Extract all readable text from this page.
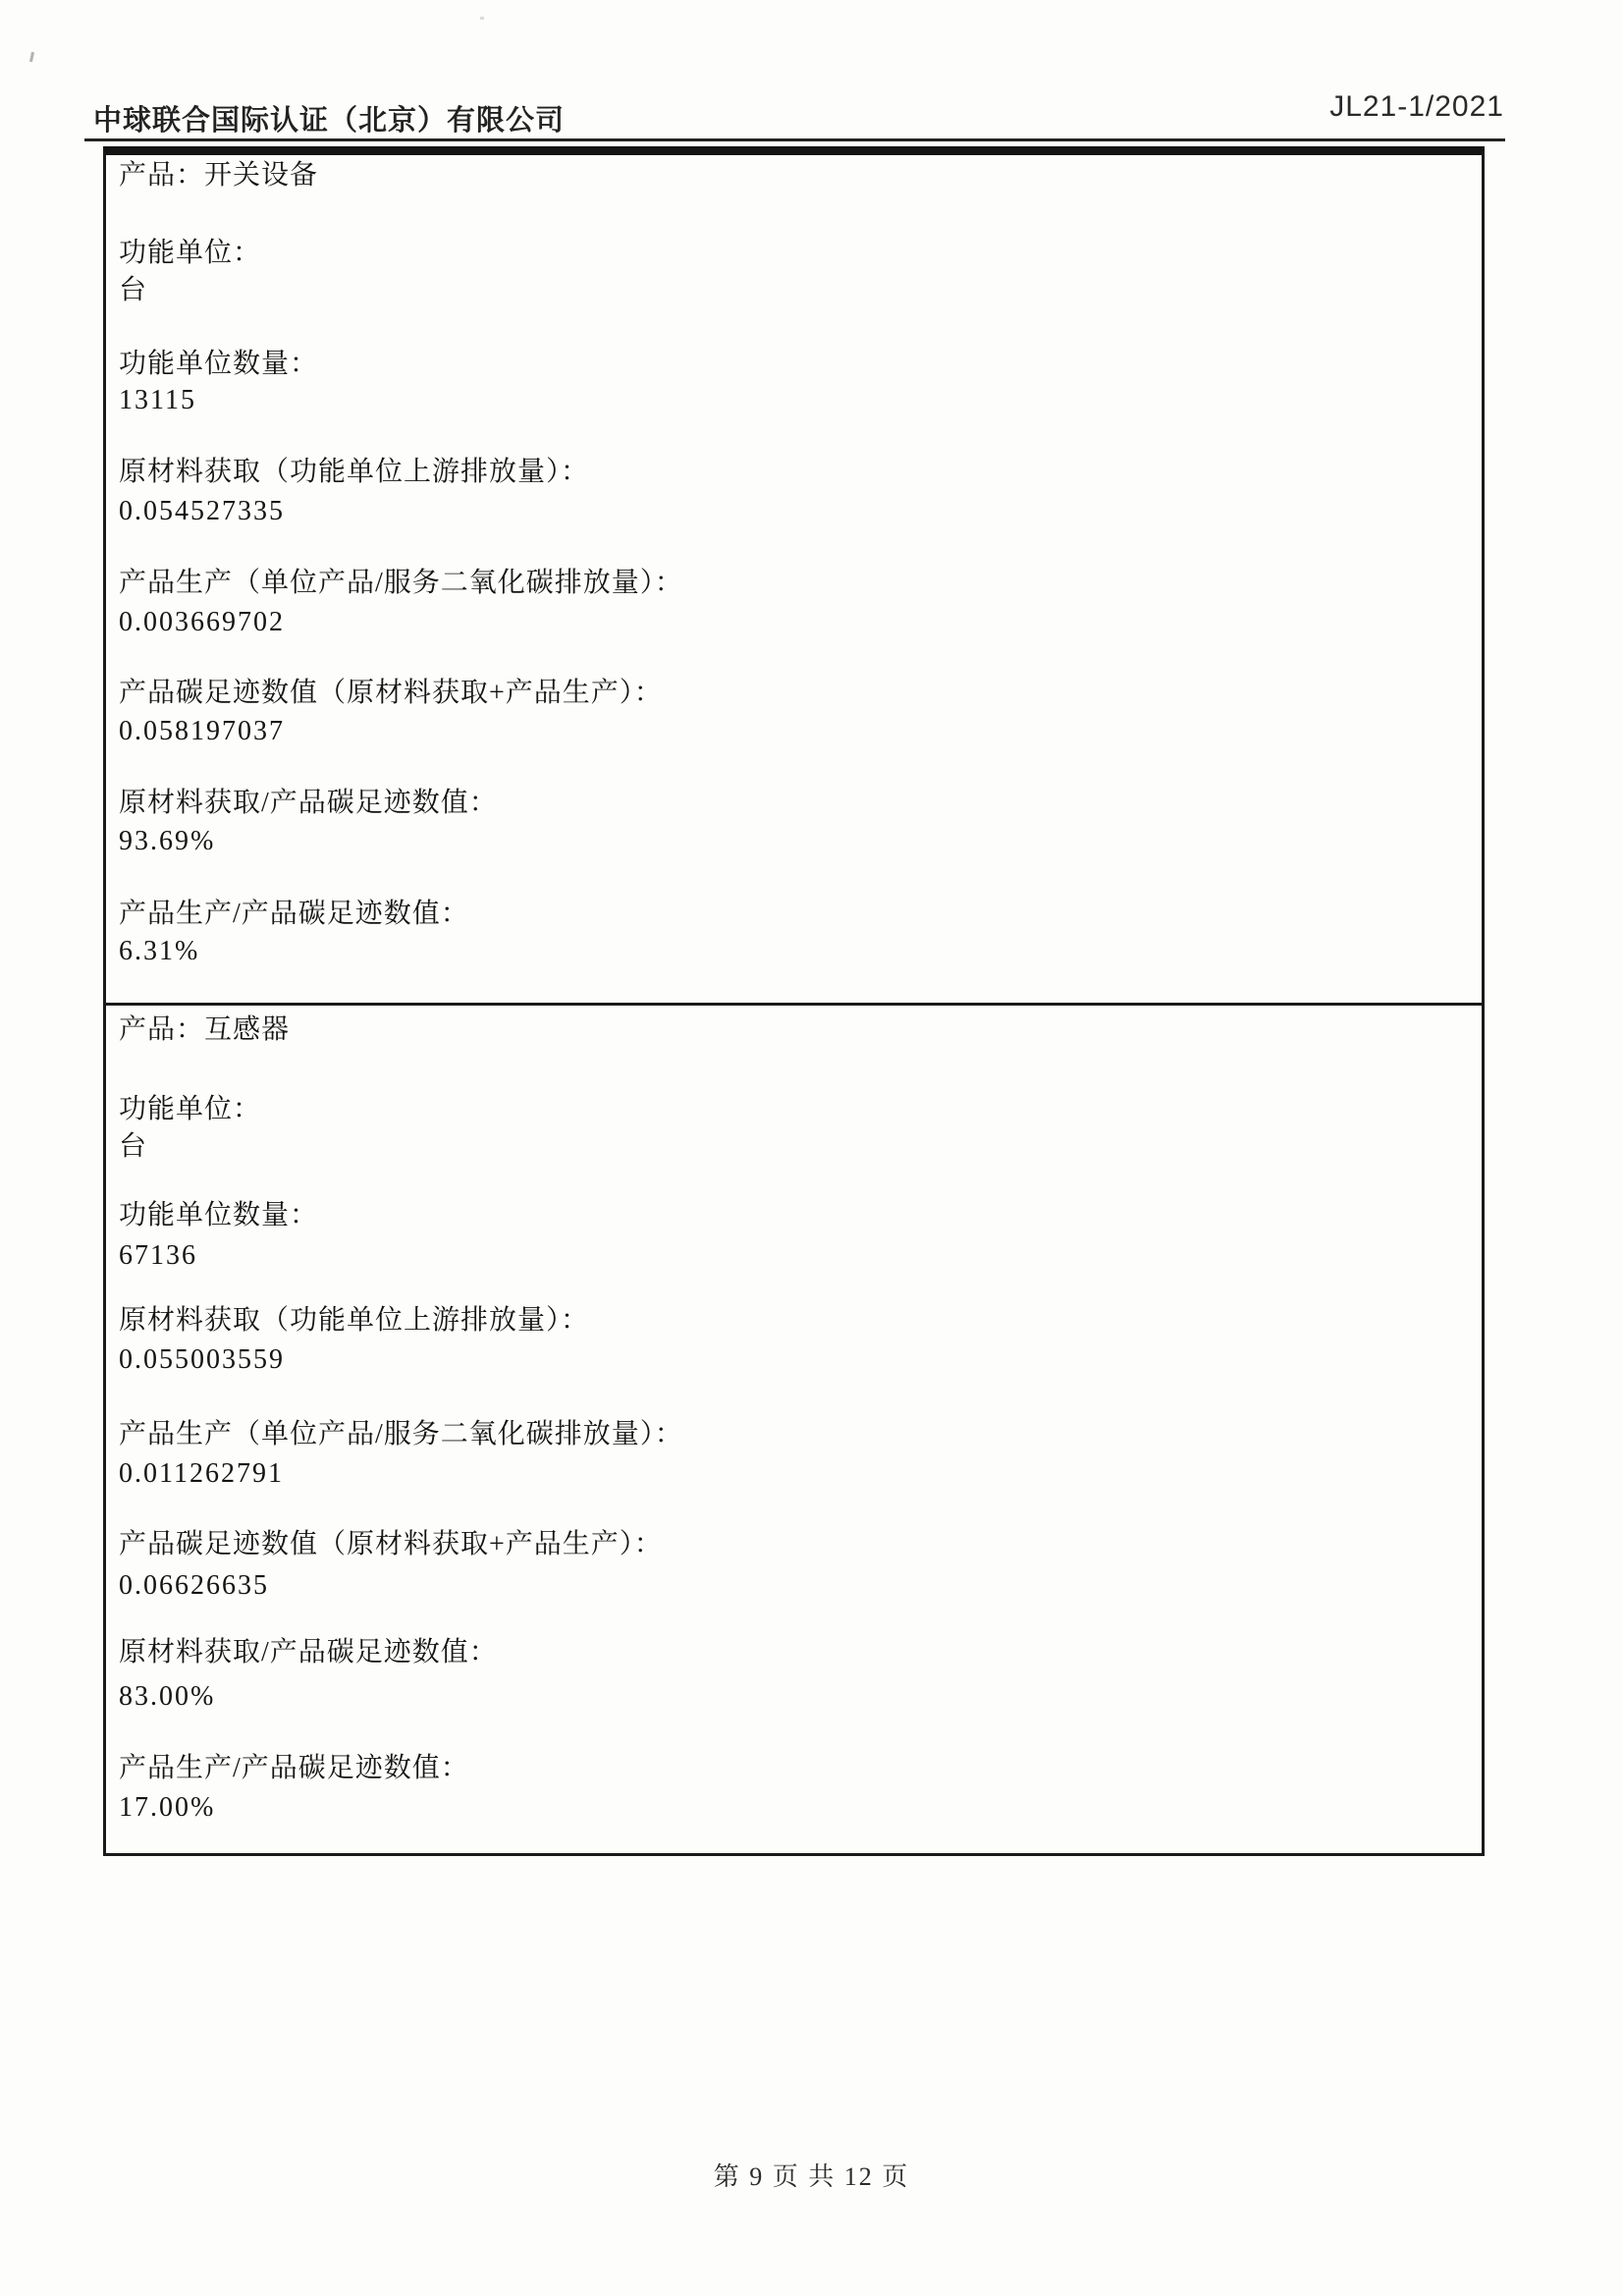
中球联合国际认证（北京）有限公司	JL21-1/2021
产品：开关设备
功能单位：
台
功能单位数量：
13115
原材料获取（功能单位上游排放量）：
0.054527335
产品生产（单位产品/服务二氧化碳排放量）：
0.003669702
产品碳足迹数值（原材料获取+产品生产）：
0.058197037
原材料获取/产品碳足迹数值：
93.69%
产品生产/产品碳足迹数值：
6.31%
产品：互感器
功能单位：
台
功能单位数量：
67136
原材料获取（功能单位上游排放量）：
0.055003559
产品生产（单位产品/服务二氧化碳排放量）：
0.011262791
产品碳足迹数值（原材料获取+产品生产）：
0.06626635
原材料获取/产品碳足迹数值：
83.00%
产品生产/产品碳足迹数值：
17.00%
第 9 页 共 12 页
